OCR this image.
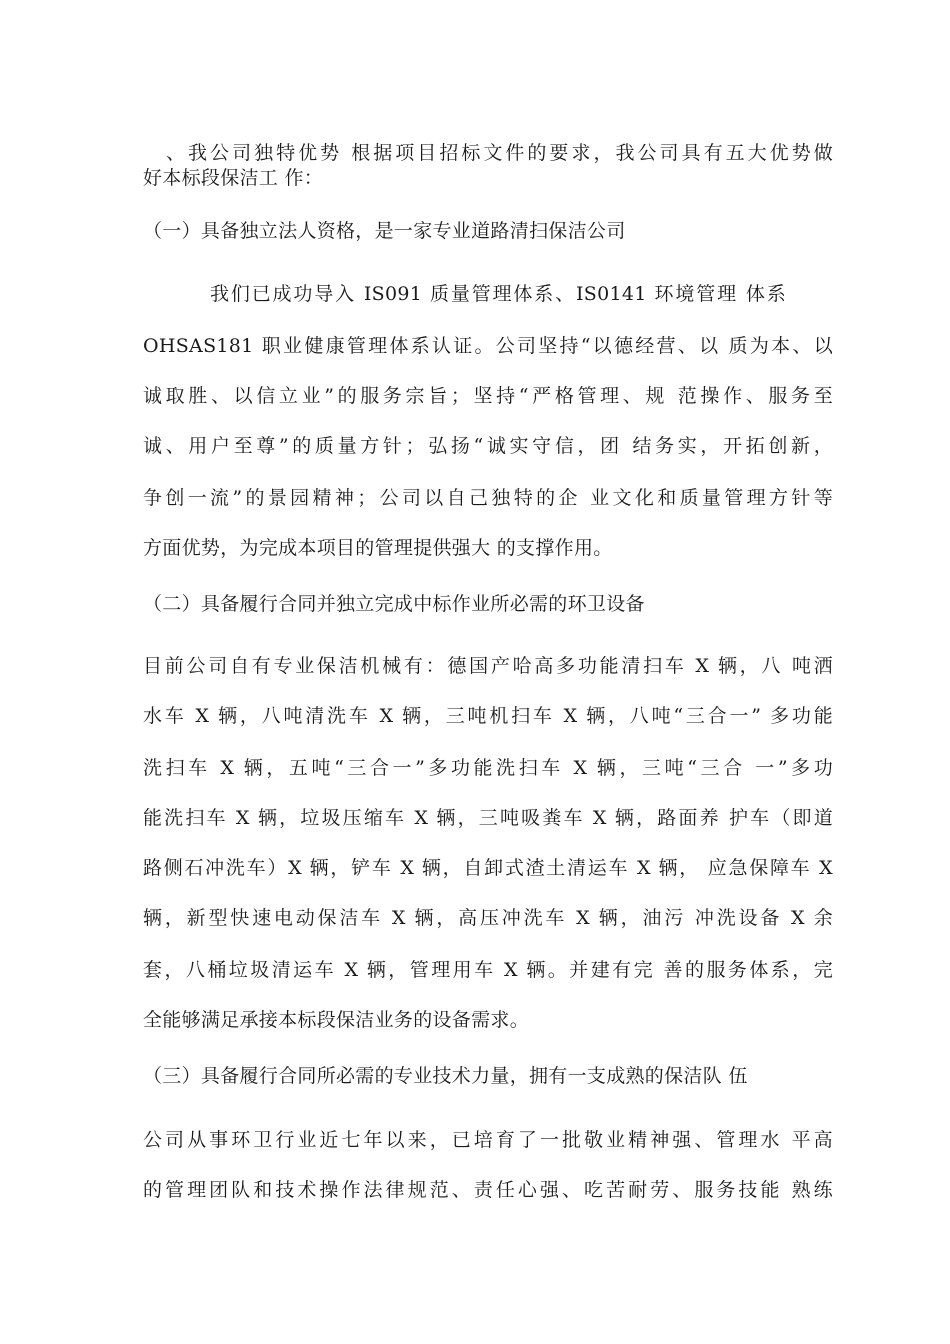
、我公司独特优势 根据项目招标文件的要求，我公司具有五大优势做
好本标段保洁工 作：
（一）具备独立法人资格，是一家专业道路清扫保洁公司
我们已成功导入 IS091 质量管理体系、IS0141 环境管理 体系
OHSAS181 职业健康管理体系认证。公司坚持“以德经营、以 质为本、以
诚取胜、以信立业”的服务宗旨；坚持“严格管理、规 范操作、服务至
诚、用户至尊”的质量方针；弘扬“诚实守信，团 结务实，开拓创新，
争创一流”的景园精神；公司以自己独特的企 业文化和质量管理方针等
方面优势，为完成本项目的管理提供强大 的支撑作用。
（二）具备履行合同并独立完成中标作业所必需的环卫设备
目前公司自有专业保洁机械有：德国产哈高多功能清扫车 X 辆，八 吨洒
水车 X 辆，八吨清洗车 X 辆，三吨机扫车 X 辆，八吨“三合一” 多功能
洗扫车 X 辆，五吨“三合一”多功能洗扫车 X 辆，三吨“三合 一”多功
能洗扫车 X 辆，垃圾压缩车 X 辆，三吨吸粪车 X 辆，路面养 护车（即道
路侧石冲洗车）X 辆，铲车 X 辆，自卸式渣土清运车 X 辆， 应急保障车 X
辆，新型快速电动保洁车 X 辆，高压冲洗车 X 辆，油污 冲洗设备 X 余
套，八桶垃圾清运车 X 辆，管理用车 X 辆。并建有完 善的服务体系，完
全能够满足承接本标段保洁业务的设备需求。
（三）具备履行合同所必需的专业技术力量，拥有一支成熟的保洁队 伍
公司从事环卫行业近七年以来，已培育了一批敬业精神强、管理水 平高
的管理团队和技术操作法律规范、责任心强、吃苦耐劳、服务技能 熟练
